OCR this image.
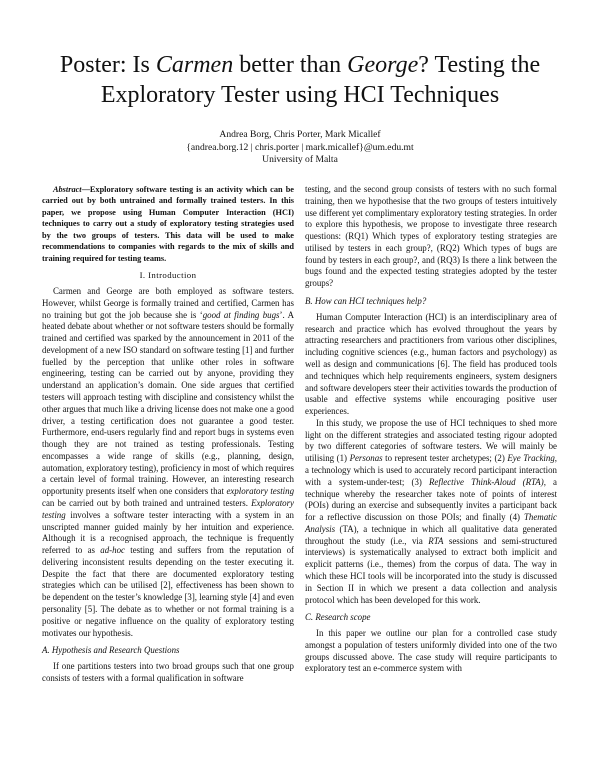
Poster: Is Carmen better than George? Testing the
Exploratory Tester using HCI Techniques
Andrea Borg, Chris Porter, Mark Micallef
{andrea.borg.12 | chris.porter | mark.micallef}@um.edu.mt
University of Malta

Abstract—Exploratory software testing is an activity which can be carried out by both untrained and formally trained testers. In this paper, we propose using Human Computer Interaction (HCI) techniques to carry out a study of exploratory testing strategies used by the two groups of testers. This data will be used to make recommendations to companies with regards to the mix of skills and training required for testing teams.

I. Introduction

Carmen and George are both employed as software testers. However, whilst George is formally trained and certified, Carmen has no training but got the job because she is ‘good at finding bugs’. A heated debate about whether or not software testers should be formally trained and certified was sparked by the announcement in 2011 of the development of a new ISO standard on software testing [1] and further fuelled by the perception that unlike other roles in software engineering, testing can be carried out by anyone, providing they understand an application’s domain. One side argues that certified testers will approach testing with discipline and consistency whilst the other argues that much like a driving license does not make one a good driver, a testing certification does not guarantee a good tester. Furthermore, end-users regularly find and report bugs in systems even though they are not trained as testing professionals. Testing encompasses a wide range of skills (e.g., planning, design, automation, exploratory testing), proficiency in most of which requires a certain level of formal training. However, an interesting research opportunity presents itself when one considers that exploratory testing can be carried out by both trained and untrained testers. Exploratory testing involves a software tester interacting with a system in an unscripted manner guided mainly by her intuition and experience. Although it is a recognised approach, the technique is frequently referred to as ad-hoc testing and suffers from the reputation of delivering inconsistent results depending on the tester executing it. Despite the fact that there are documented exploratory testing strategies which can be utilised [2], effectiveness has been shown to be dependent on the tester’s knowledge [3], learning style [4] and even personality [5]. The debate as to whether or not formal training is a positive or negative influence on the quality of exploratory testing motivates our hypothesis.

A. Hypothesis and Research Questions

If one partitions testers into two broad groups such that one group consists of testers with a formal qualification in software

testing, and the second group consists of testers with no such formal training, then we hypothesise that the two groups of testers intuitively use different yet complimentary exploratory testing strategies. In order to explore this hypothesis, we propose to investigate three research questions: (RQ1) Which types of exploratory testing strategies are utilised by testers in each group?, (RQ2) Which types of bugs are found by testers in each group?, and (RQ3) Is there a link between the bugs found and the expected testing strategies adopted by the tester groups?

B. How can HCI techniques help?

Human Computer Interaction (HCI) is an interdisciplinary area of research and practice which has evolved throughout the years by attracting researchers and practitioners from various other disciplines, including cognitive sciences (e.g., human factors and psychology) as well as design and communications [6]. The field has produced tools and techniques which help requirements engineers, system designers and software developers steer their activities towards the production of usable and effective systems while encouraging positive user experiences.

In this study, we propose the use of HCI techniques to shed more light on the different strategies and associated testing rigour adopted by two different categories of software testers. We will mainly be utilising (1) Personas to represent tester archetypes; (2) Eye Tracking, a technology which is used to accurately record participant interaction with a system-under-test; (3) Reflective Think-Aloud (RTA), a technique whereby the researcher takes note of points of interest (POIs) during an exercise and subsequently invites a participant back for a reflective discussion on those POIs; and finally (4) Thematic Analysis (TA), a technique in which all qualitative data generated throughout the study (i.e., via RTA sessions and semi-structured interviews) is systematically analysed to extract both implicit and explicit patterns (i.e., themes) from the corpus of data. The way in which these HCI tools will be incorporated into the study is discussed in Section II in which we present a data collection and analysis protocol which has been developed for this work.

C. Research scope

In this paper we outline our plan for a controlled case study amongst a population of testers uniformly divided into one of the two groups discussed above. The case study will require participants to exploratory test an e-commerce system with
